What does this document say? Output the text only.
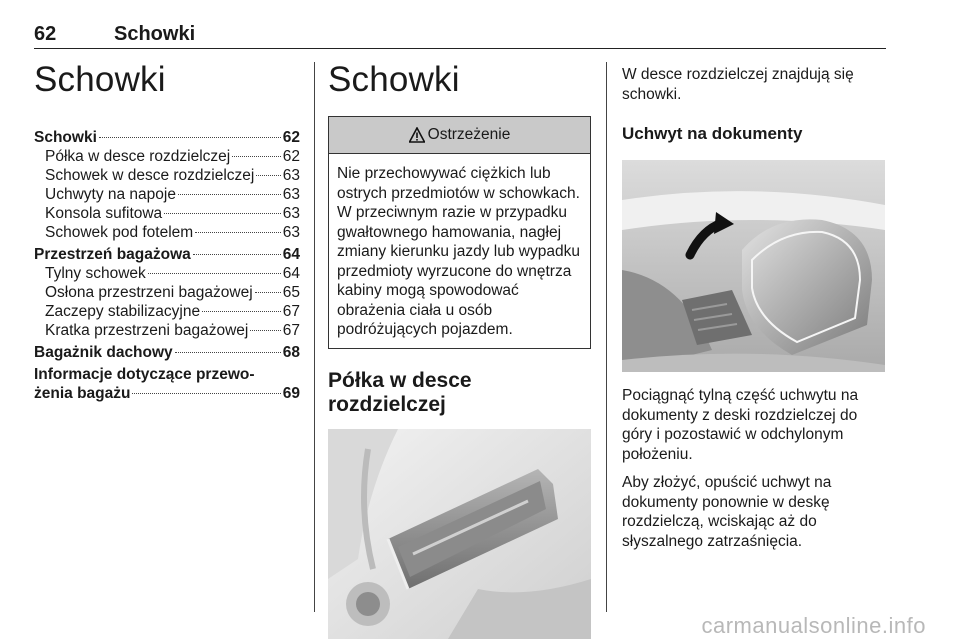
62	Schowki
Schowki
Schowki	62
Półka w desce rozdzielczej	62
Schowek w desce rozdzielczej 63
Uchwyty na napoje	63
Konsola sufitowa	63
Schowek pod fotelem	63
Przestrzeń bagażowa	64
Tylny schowek	64
Osłona przestrzeni bagażowej 65
Zaczepy stabilizacyjne	67
Kratka przestrzeni bagażowej 67
Bagażnik dachowy	68
Informacje dotyczące przewo-
żenia bagażu	69
Schowki
Ostrzeżenie
Nie przechowywać ciężkich lub ostrych przedmiotów w schowkach. W przeciwnym razie w przypadku gwałtownego hamowania, nagłej zmiany kierunku jazdy lub wypadku przedmioty wyrzucone do wnętrza kabiny mogą spowodować obrażenia ciała u osób podróżujących pojazdem.
Półka w desce rozdzielczej

W desce rozdzielczej znajdują się schowki.

Uchwyt na dokumenty

Pociągnąć tylną część uchwytu na dokumenty z deski rozdzielczej do góry i pozostawić w odchylonym położeniu.

Aby złożyć, opuścić uchwyt na dokumenty ponownie w deskę rozdzielczą, wciskając aż do słyszalnego zatrzaśnięcia.

carmanualsonline.info
